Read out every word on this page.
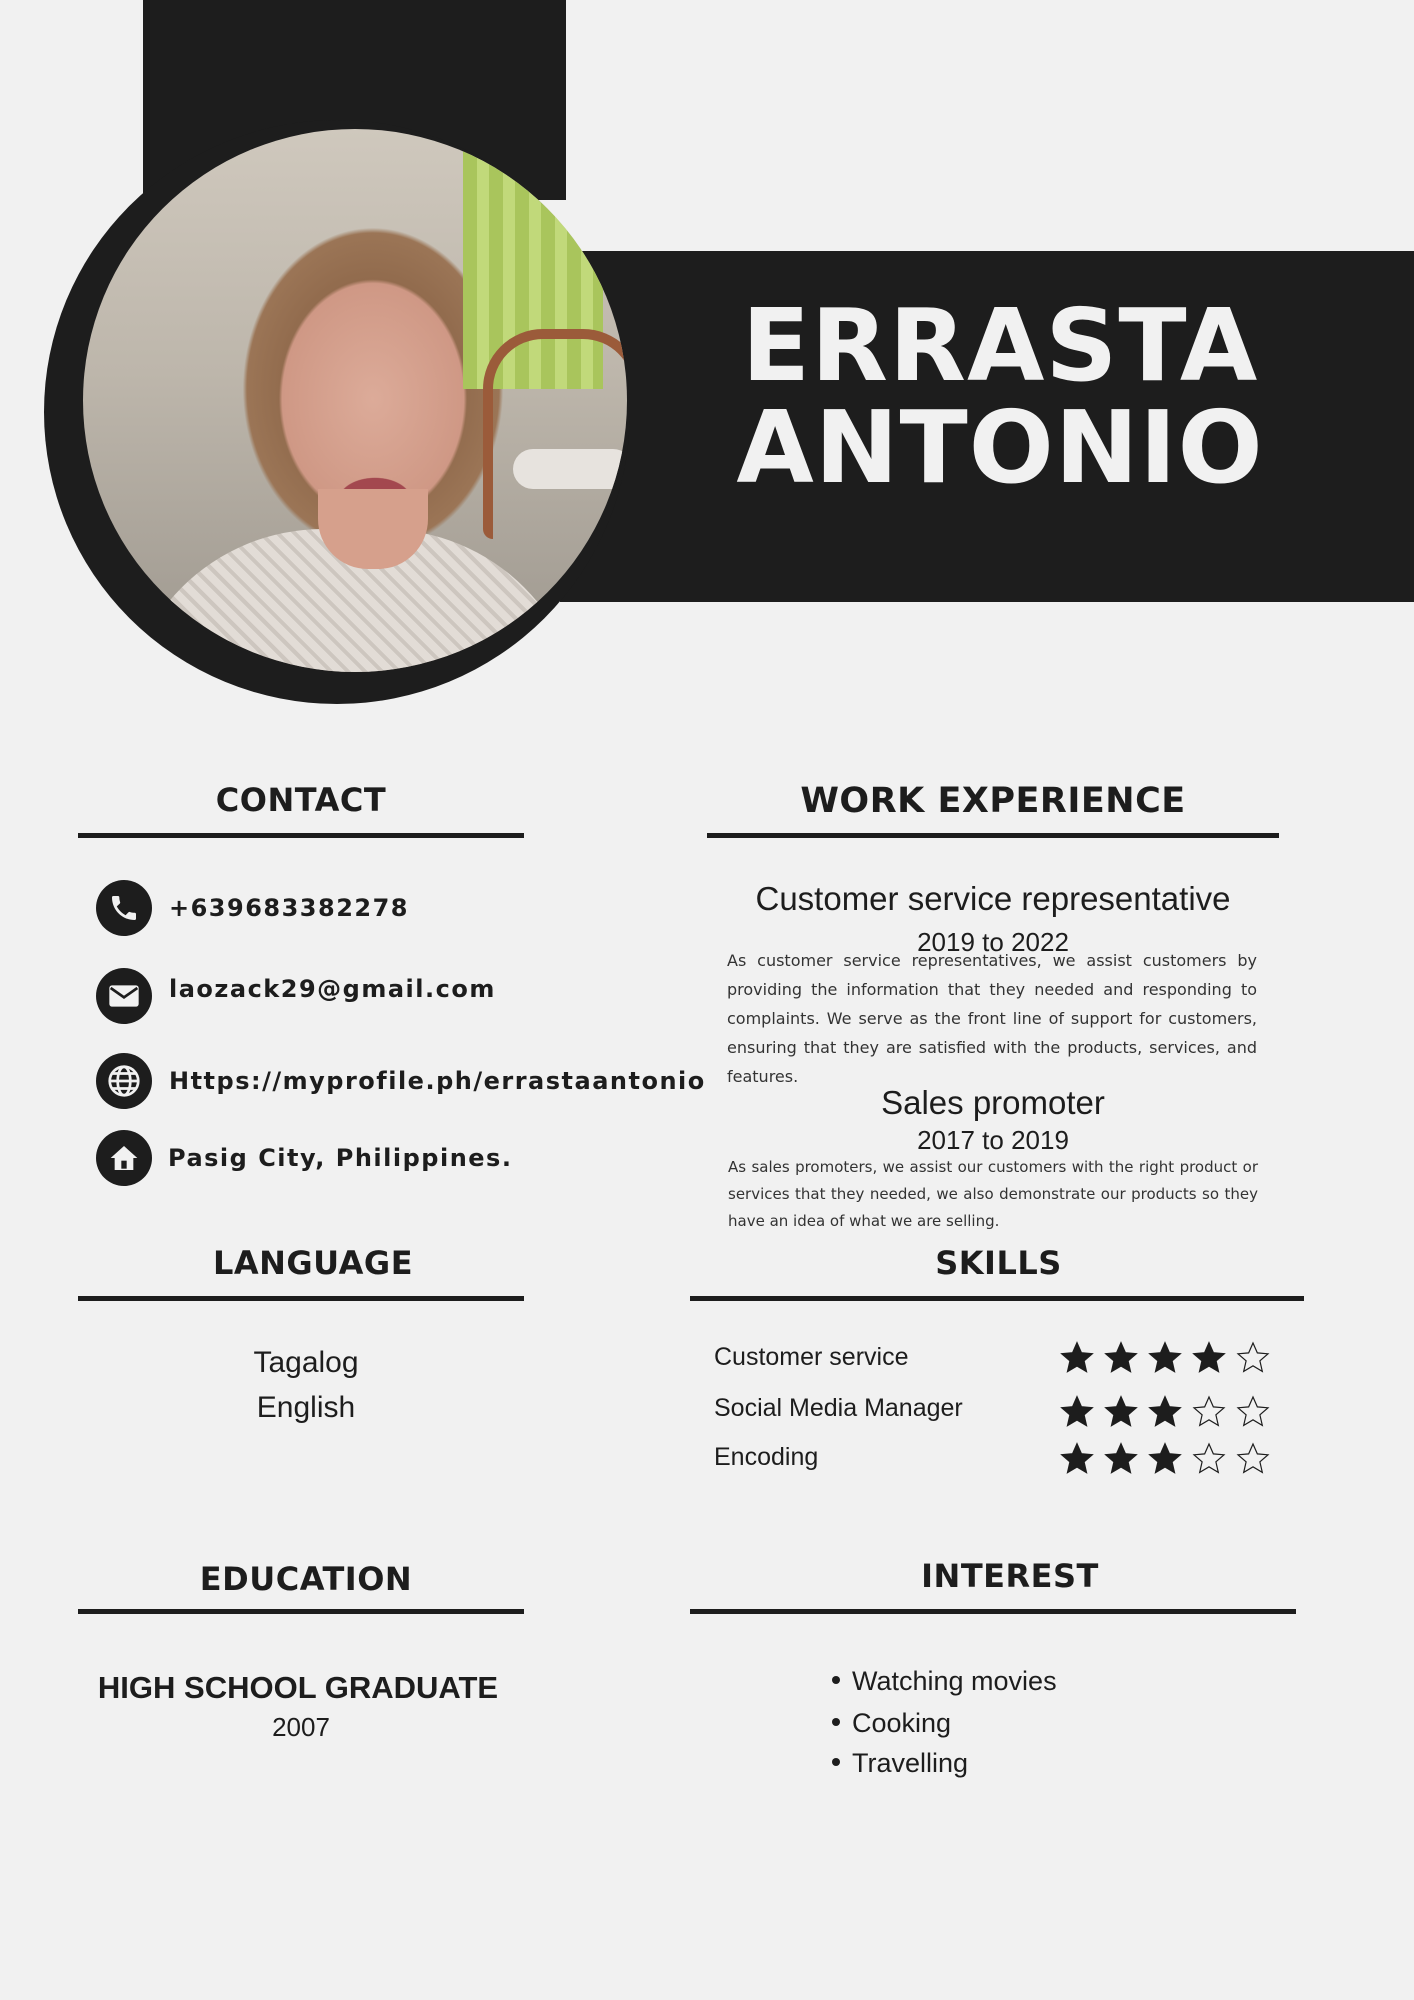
ERRASTA
ANTONIO
CONTACT
+639683382278
laozack29@gmail.com
Https://myprofile.ph/errastaantonio
Pasig City, Philippines.
WORK EXPERIENCE
Customer service representative
2019 to 2022
As customer service representatives, we assist customers by providing the information that they needed and responding to complaints. We serve as the front line of support for customers, ensuring that they are satisfied with the products, services, and features.
Sales promoter
2017 to 2019
As sales promoters, we assist our customers with the right product or services that they needed, we also demonstrate our products so they have an idea of what we are selling.
LANGUAGE
Tagalog
English
SKILLS
Customer service
Social Media Manager
Encoding
EDUCATION
HIGH SCHOOL GRADUATE
2007
INTEREST
Watching movies
Cooking
Travelling
